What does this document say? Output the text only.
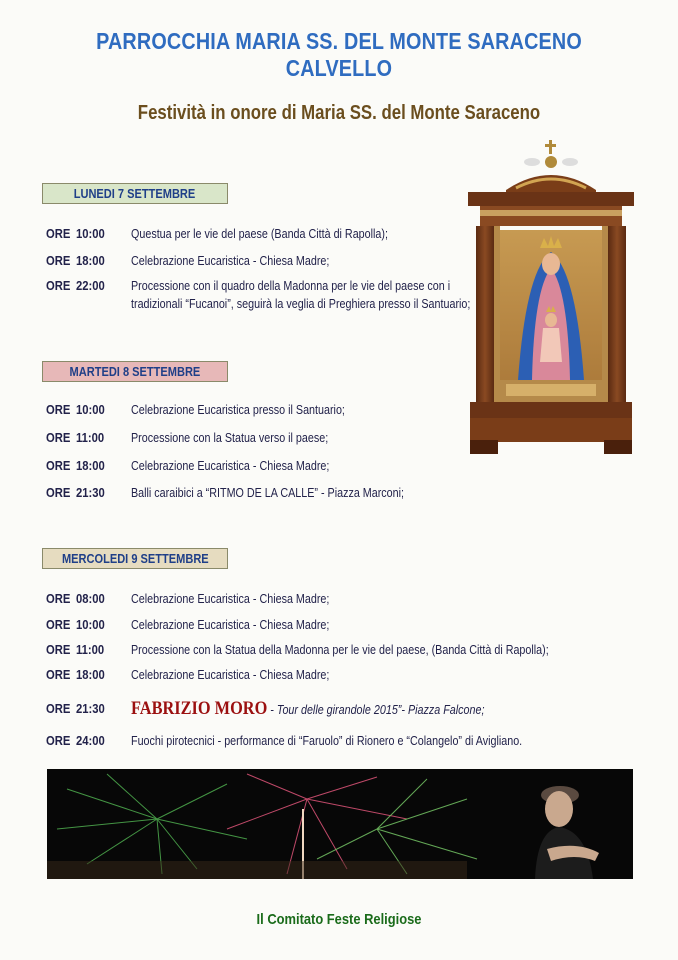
PARROCCHIA MARIA SS. DEL MONTE SARACENO CALVELLO
Festività in onore di Maria SS. del Monte Saraceno
LUNEDI 7 SETTEMBRE
ORE 10:00	Questua per le vie del paese (Banda Città di Rapolla);
ORE 18:00	Celebrazione Eucaristica - Chiesa Madre;
ORE 22:00	Processione con il quadro della Madonna per le vie del paese con i
tradizionali “Fucanoi”, seguirà la veglia di Preghiera presso il Santuario;
MARTEDI 8 SETTEMBRE
ORE 10:00	Celebrazione Eucaristica presso il Santuario;
ORE 11:00	Processione con la Statua verso il paese;
ORE 18:00	Celebrazione Eucaristica - Chiesa Madre;
ORE 21:30	Balli caraibici a “RITMO DE LA CALLE” - Piazza Marconi;
MERCOLEDI 9 SETTEMBRE
ORE 08:00	Celebrazione Eucaristica - Chiesa Madre;
ORE 10:00	Celebrazione Eucaristica - Chiesa Madre;
ORE 11:00	Processione con la Statua della Madonna per le vie del paese, (Banda Città di Rapolla);
ORE 18:00	Celebrazione Eucaristica - Chiesa Madre;
ORE 21:30	FABRIZIO MORO - Tour delle girandole 2015”- Piazza Falcone;
ORE 24:00	Fuochi pirotecnici - performance di “Faruolo” di Rionero e “Colangelo” di Avigliano.
Il Comitato Feste Religiose
